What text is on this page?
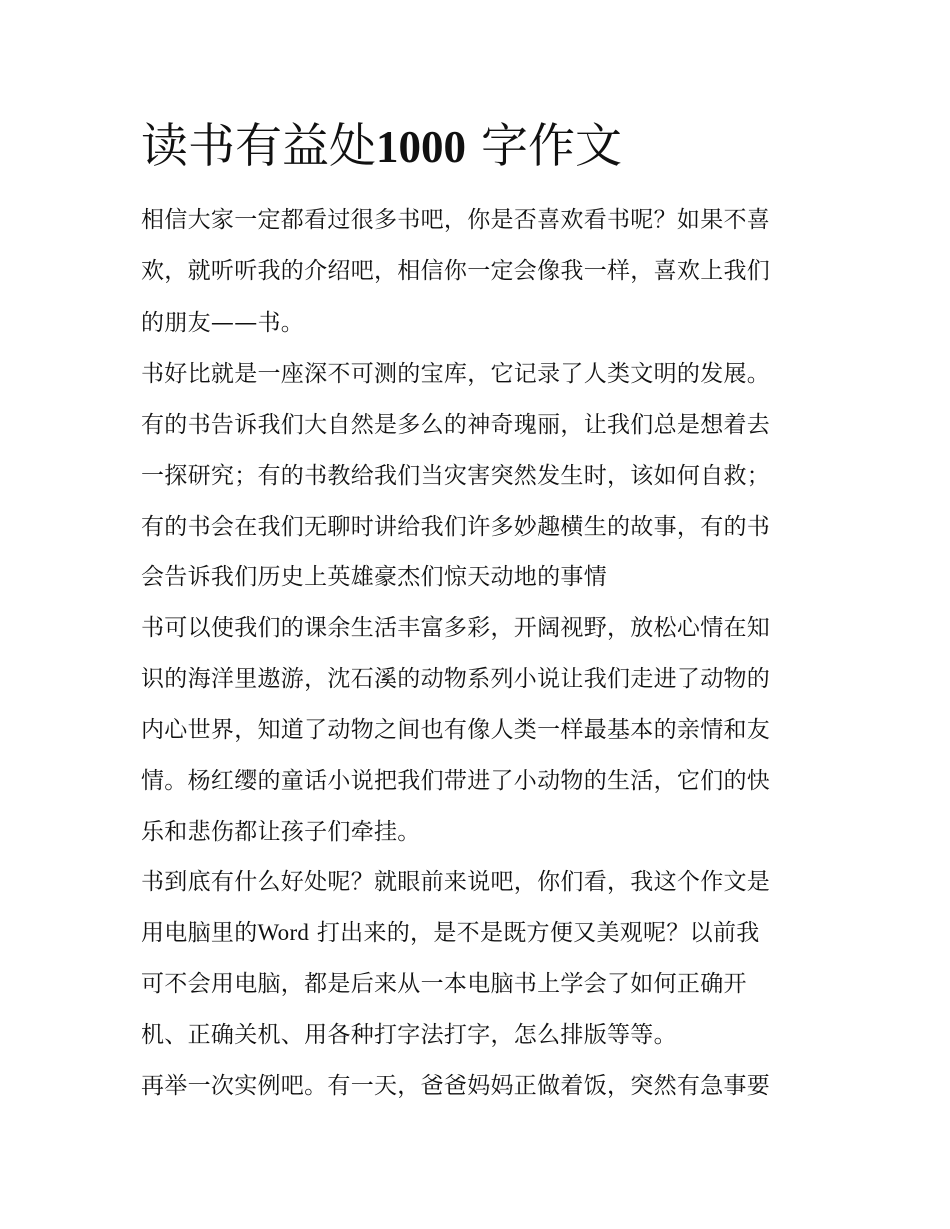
读书有益处1000 字作文

相信大家一定都看过很多书吧，你是否喜欢看书呢？如果不喜

欢，就听听我的介绍吧，相信你一定会像我一样，喜欢上我们

的朋友——书。

书好比就是一座深不可测的宝库，它记录了人类文明的发展。

有的书告诉我们大自然是多么的神奇瑰丽，让我们总是想着去

一探研究；有的书教给我们当灾害突然发生时，该如何自救；

有的书会在我们无聊时讲给我们许多妙趣横生的故事，有的书

会告诉我们历史上英雄豪杰们惊天动地的事情

书可以使我们的课余生活丰富多彩，开阔视野，放松心情在知

识的海洋里遨游，沈石溪的动物系列小说让我们走进了动物的

内心世界，知道了动物之间也有像人类一样最基本的亲情和友

情。杨红缨的童话小说把我们带进了小动物的生活，它们的快

乐和悲伤都让孩子们牵挂。

书到底有什么好处呢？就眼前来说吧，你们看，我这个作文是

用电脑里的Word 打出来的，是不是既方便又美观呢？以前我

可不会用电脑，都是后来从一本电脑书上学会了如何正确开

机、正确关机、用各种打字法打字，怎么排版等等。

再举一次实例吧。有一天，爸爸妈妈正做着饭，突然有急事要
